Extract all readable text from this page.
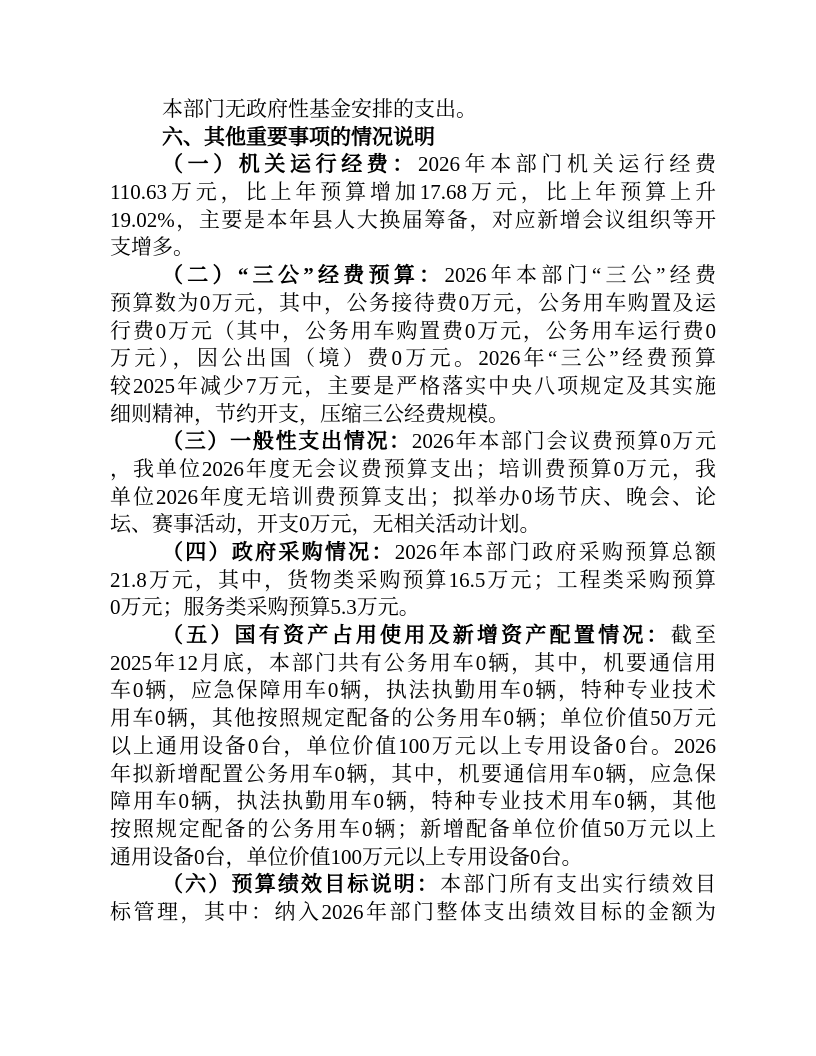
本部门无政府性基金安排的支出。
六、其他重要事项的情况说明
（一）机关运行经费：2026年本部门机关运行经费
110.63万元，比上年预算增加17.68万元，比上年预算上升
19.02%，主要是本年县人大换届筹备，对应新增会议组织等开
支增多。
（二）“三公”经费预算：2026年本部门“三公”经费
预算数为0万元，其中，公务接待费0万元，公务用车购置及运
行费0万元（其中，公务用车购置费0万元，公务用车运行费0
万元），因公出国（境）费0万元。2026年“三公”经费预算
较2025年减少7万元，主要是严格落实中央八项规定及其实施
细则精神，节约开支，压缩三公经费规模。
（三）一般性支出情况：2026年本部门会议费预算0万元
，我单位2026年度无会议费预算支出；培训费预算0万元，我
单位2026年度无培训费预算支出；拟举办0场节庆、晚会、论
坛、赛事活动，开支0万元，无相关活动计划。
（四）政府采购情况：2026年本部门政府采购预算总额
21.8万元，其中，货物类采购预算16.5万元；工程类采购预算
0万元；服务类采购预算5.3万元。
（五）国有资产占用使用及新增资产配置情况：截至
2025年12月底，本部门共有公务用车0辆，其中，机要通信用
车0辆，应急保障用车0辆，执法执勤用车0辆，特种专业技术
用车0辆，其他按照规定配备的公务用车0辆；单位价值50万元
以上通用设备0台，单位价值100万元以上专用设备0台。2026
年拟新增配置公务用车0辆，其中，机要通信用车0辆，应急保
障用车0辆，执法执勤用车0辆，特种专业技术用车0辆，其他
按照规定配备的公务用车0辆；新增配备单位价值50万元以上
通用设备0台，单位价值100万元以上专用设备0台。
（六）预算绩效目标说明：本部门所有支出实行绩效目
标管理，其中：纳入2026年部门整体支出绩效目标的金额为
